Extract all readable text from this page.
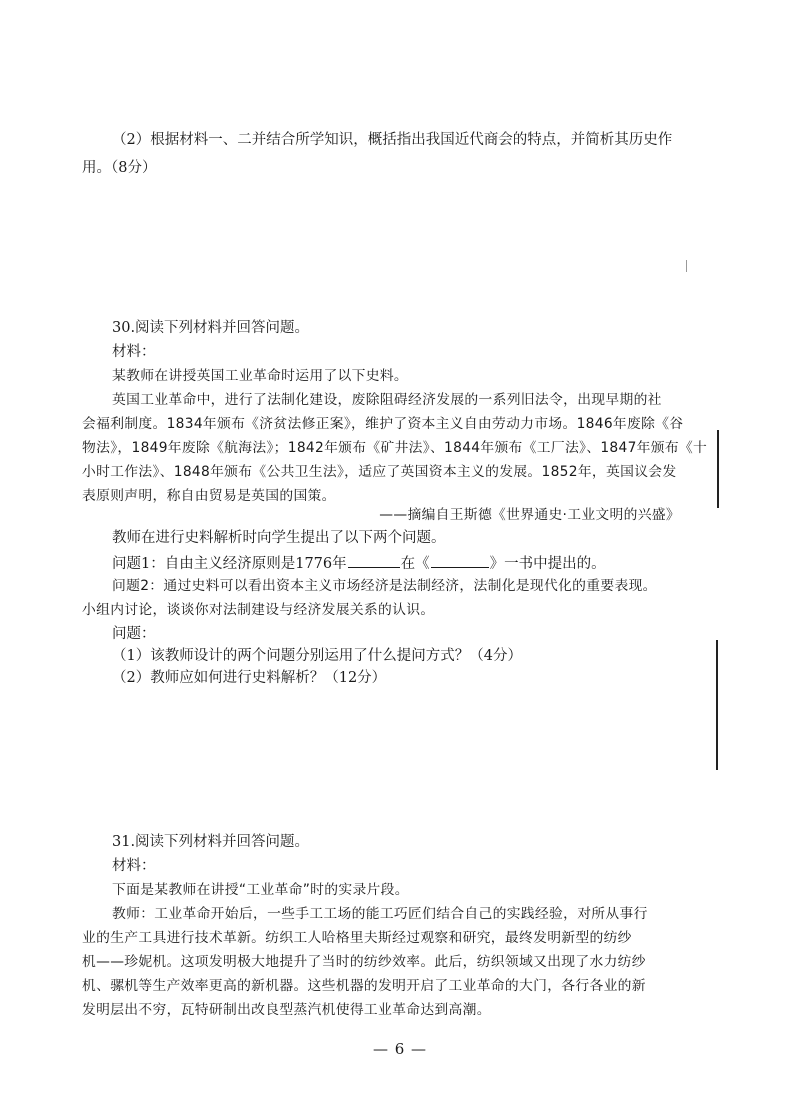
（2）根据材料一、二并结合所学知识，概括指出我国近代商会的特点，并简析其历史作
用。（8分）
30.阅读下列材料并回答问题。
材料：
某教师在讲授英国工业革命时运用了以下史料。
英国工业革命中，进行了法制化建设，废除阻碍经济发展的一系列旧法令，出现早期的社
会福利制度。1834年颁布《济贫法修正案》，维护了资本主义自由劳动力市场。1846年废除《谷
物法》，1849年废除《航海法》；1842年颁布《矿井法》、1844年颁布《工厂法》、1847年颁布《十
小时工作法》、1848年颁布《公共卫生法》，适应了英国资本主义的发展。1852年，英国议会发
表原则声明，称自由贸易是英国的国策。
——摘编自王斯德《世界通史·工业文明的兴盛》
教师在进行史料解析时向学生提出了以下两个问题。
问题1：自由主义经济原则是1776年	在《	》一书中提出的。
问题2：通过史料可以看出资本主义市场经济是法制经济，法制化是现代化的重要表现。
小组内讨论，谈谈你对法制建设与经济发展关系的认识。
问题：
（1）该教师设计的两个问题分别运用了什么提问方式？（4分）
（2）教师应如何进行史料解析？（12分）
31.阅读下列材料并回答问题。
材料：
下面是某教师在讲授“工业革命”时的实录片段。
教师：工业革命开始后，一些手工工场的能工巧匠们结合自己的实践经验，对所从事行
业的生产工具进行技术革新。纺织工人哈格里夫斯经过观察和研究，最终发明新型的纺纱
机——珍妮机。这项发明极大地提升了当时的纺纱效率。此后，纺织领域又出现了水力纺纱
机、骡机等生产效率更高的新机器。这些机器的发明开启了工业革命的大门，各行各业的新
发明层出不穷，瓦特研制出改良型蒸汽机使得工业革命达到高潮。
— 6 —
